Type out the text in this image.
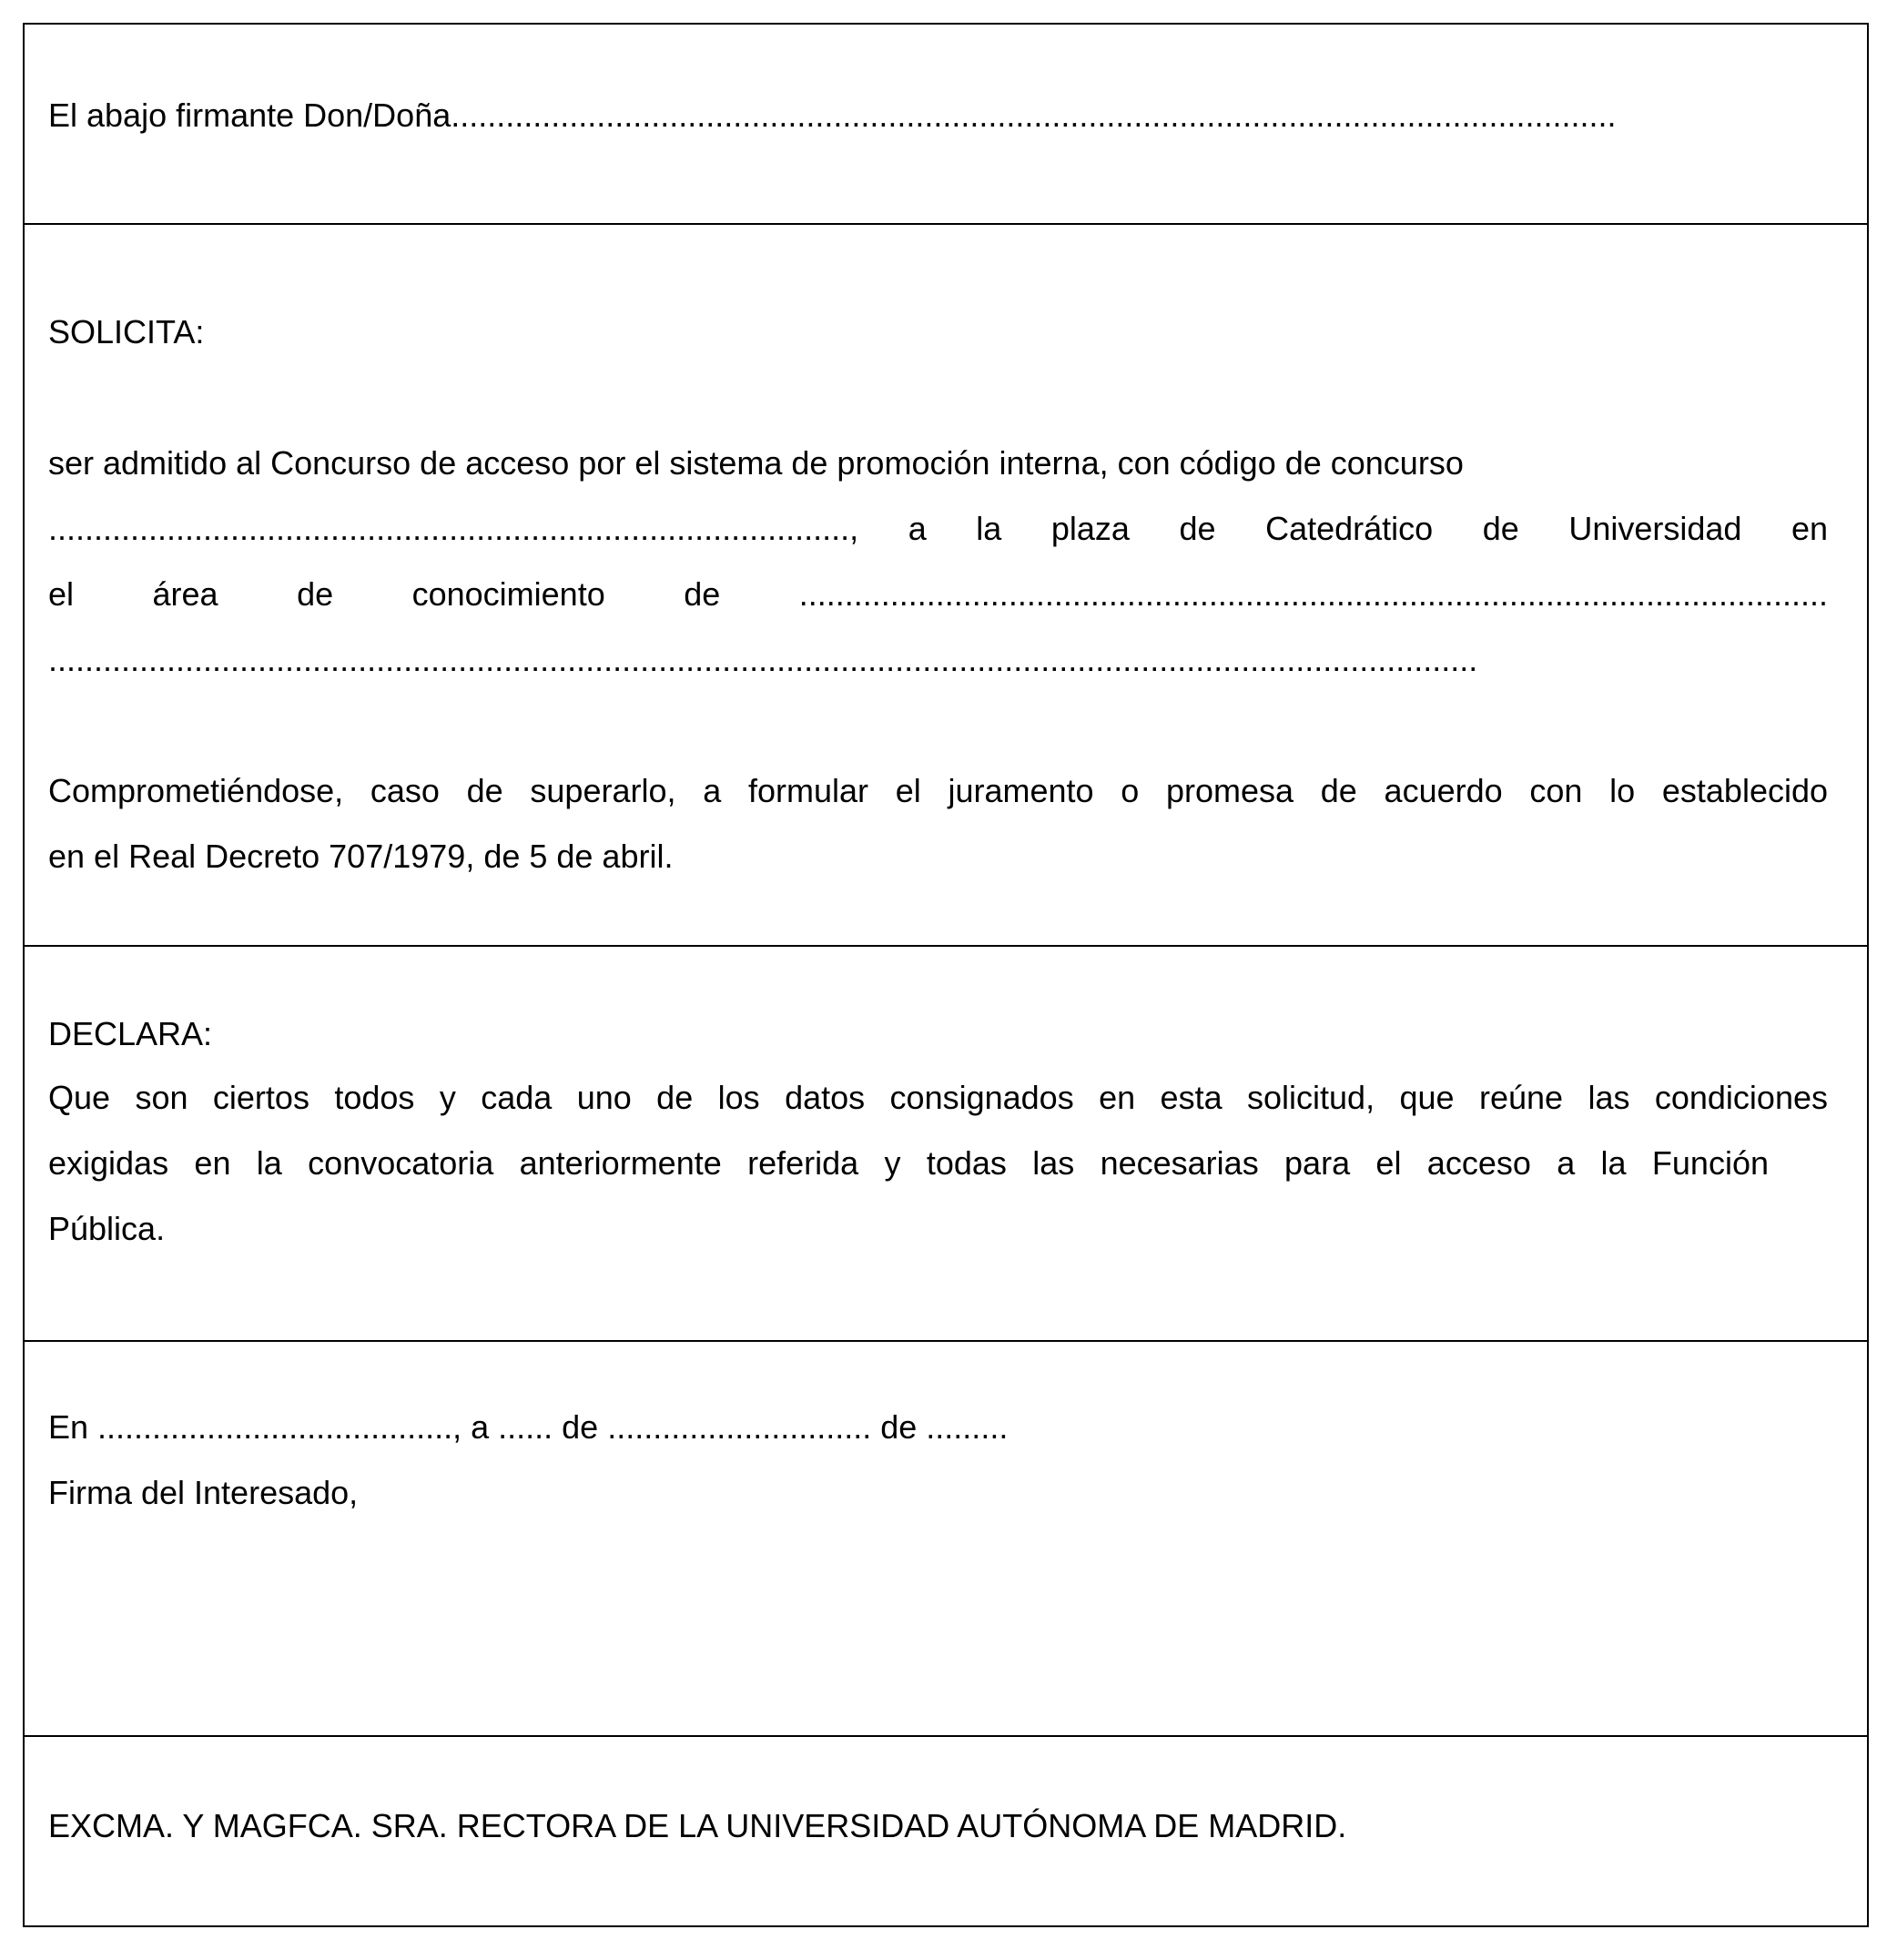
El abajo firmante Don/Doña................................................................................................................................
SOLICITA:
ser admitido al Concurso de acceso por el sistema de promoción interna, con código de concurso
........................................................................................, a la plaza de Catedrático de Universidad en
el área de conocimiento de .................................................................................................................
.............................................................................................................................................................
Comprometiéndose, caso de superarlo, a formular el juramento o promesa de acuerdo con lo establecido
en el Real Decreto 707/1979, de 5 de abril.
DECLARA:
Que son ciertos todos y cada uno de los datos consignados en esta solicitud, que reúne las condiciones
exigidas en la convocatoria anteriormente referida y todas las necesarias para el acceso a la Función
Pública.
En ......................................., a ...... de ............................. de .........
Firma del Interesado,
EXCMA. Y MAGFCA. SRA. RECTORA DE LA UNIVERSIDAD AUTÓNOMA DE MADRID.
